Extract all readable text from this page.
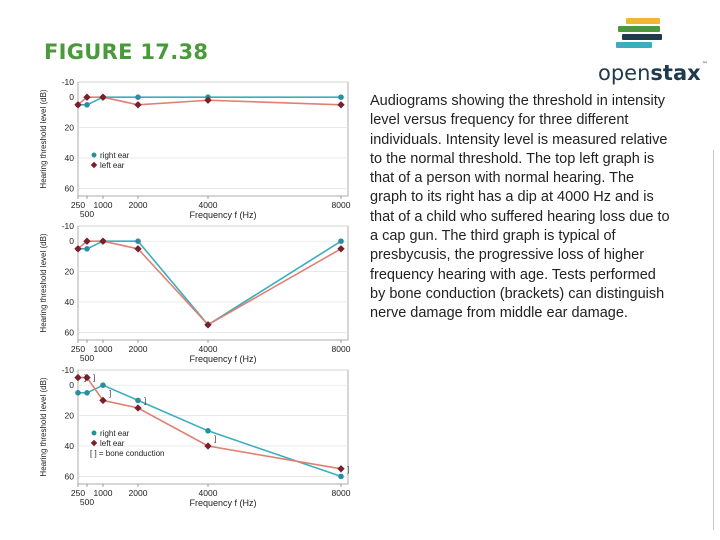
FIGURE 17.38
openstax™
Audiograms showing the threshold in intensity level versus frequency for three different individuals. Intensity level is measured relative to the normal threshold. The top left graph is that of a person with normal hearing. The graph to its right has a dip at 4000 Hz and is that of a child who suffered hearing loss due to a cap gun. The third graph is typical of presbycusis, the progressive loss of higher frequency hearing with age. Tests performed by bone conduction (brackets) can distinguish nerve damage from middle ear damage.
-10
0
20
40
60
250
500
1000 2000	4000	8000
Frequency f (Hz)
Hearing threshold level (dB)	right ear
left ear
-10
0
20
40
60
250
500
1000 2000	4000	8000
Frequency f (Hz)
Hearing threshold level (dB)
-10
0
20
40
60
250
500
1000 2000	4000	8000
Frequency f (Hz)
Hearing threshold level (dB)	] ]
]
]
]
]
right ear
left ear
[ ] = bone conduction
